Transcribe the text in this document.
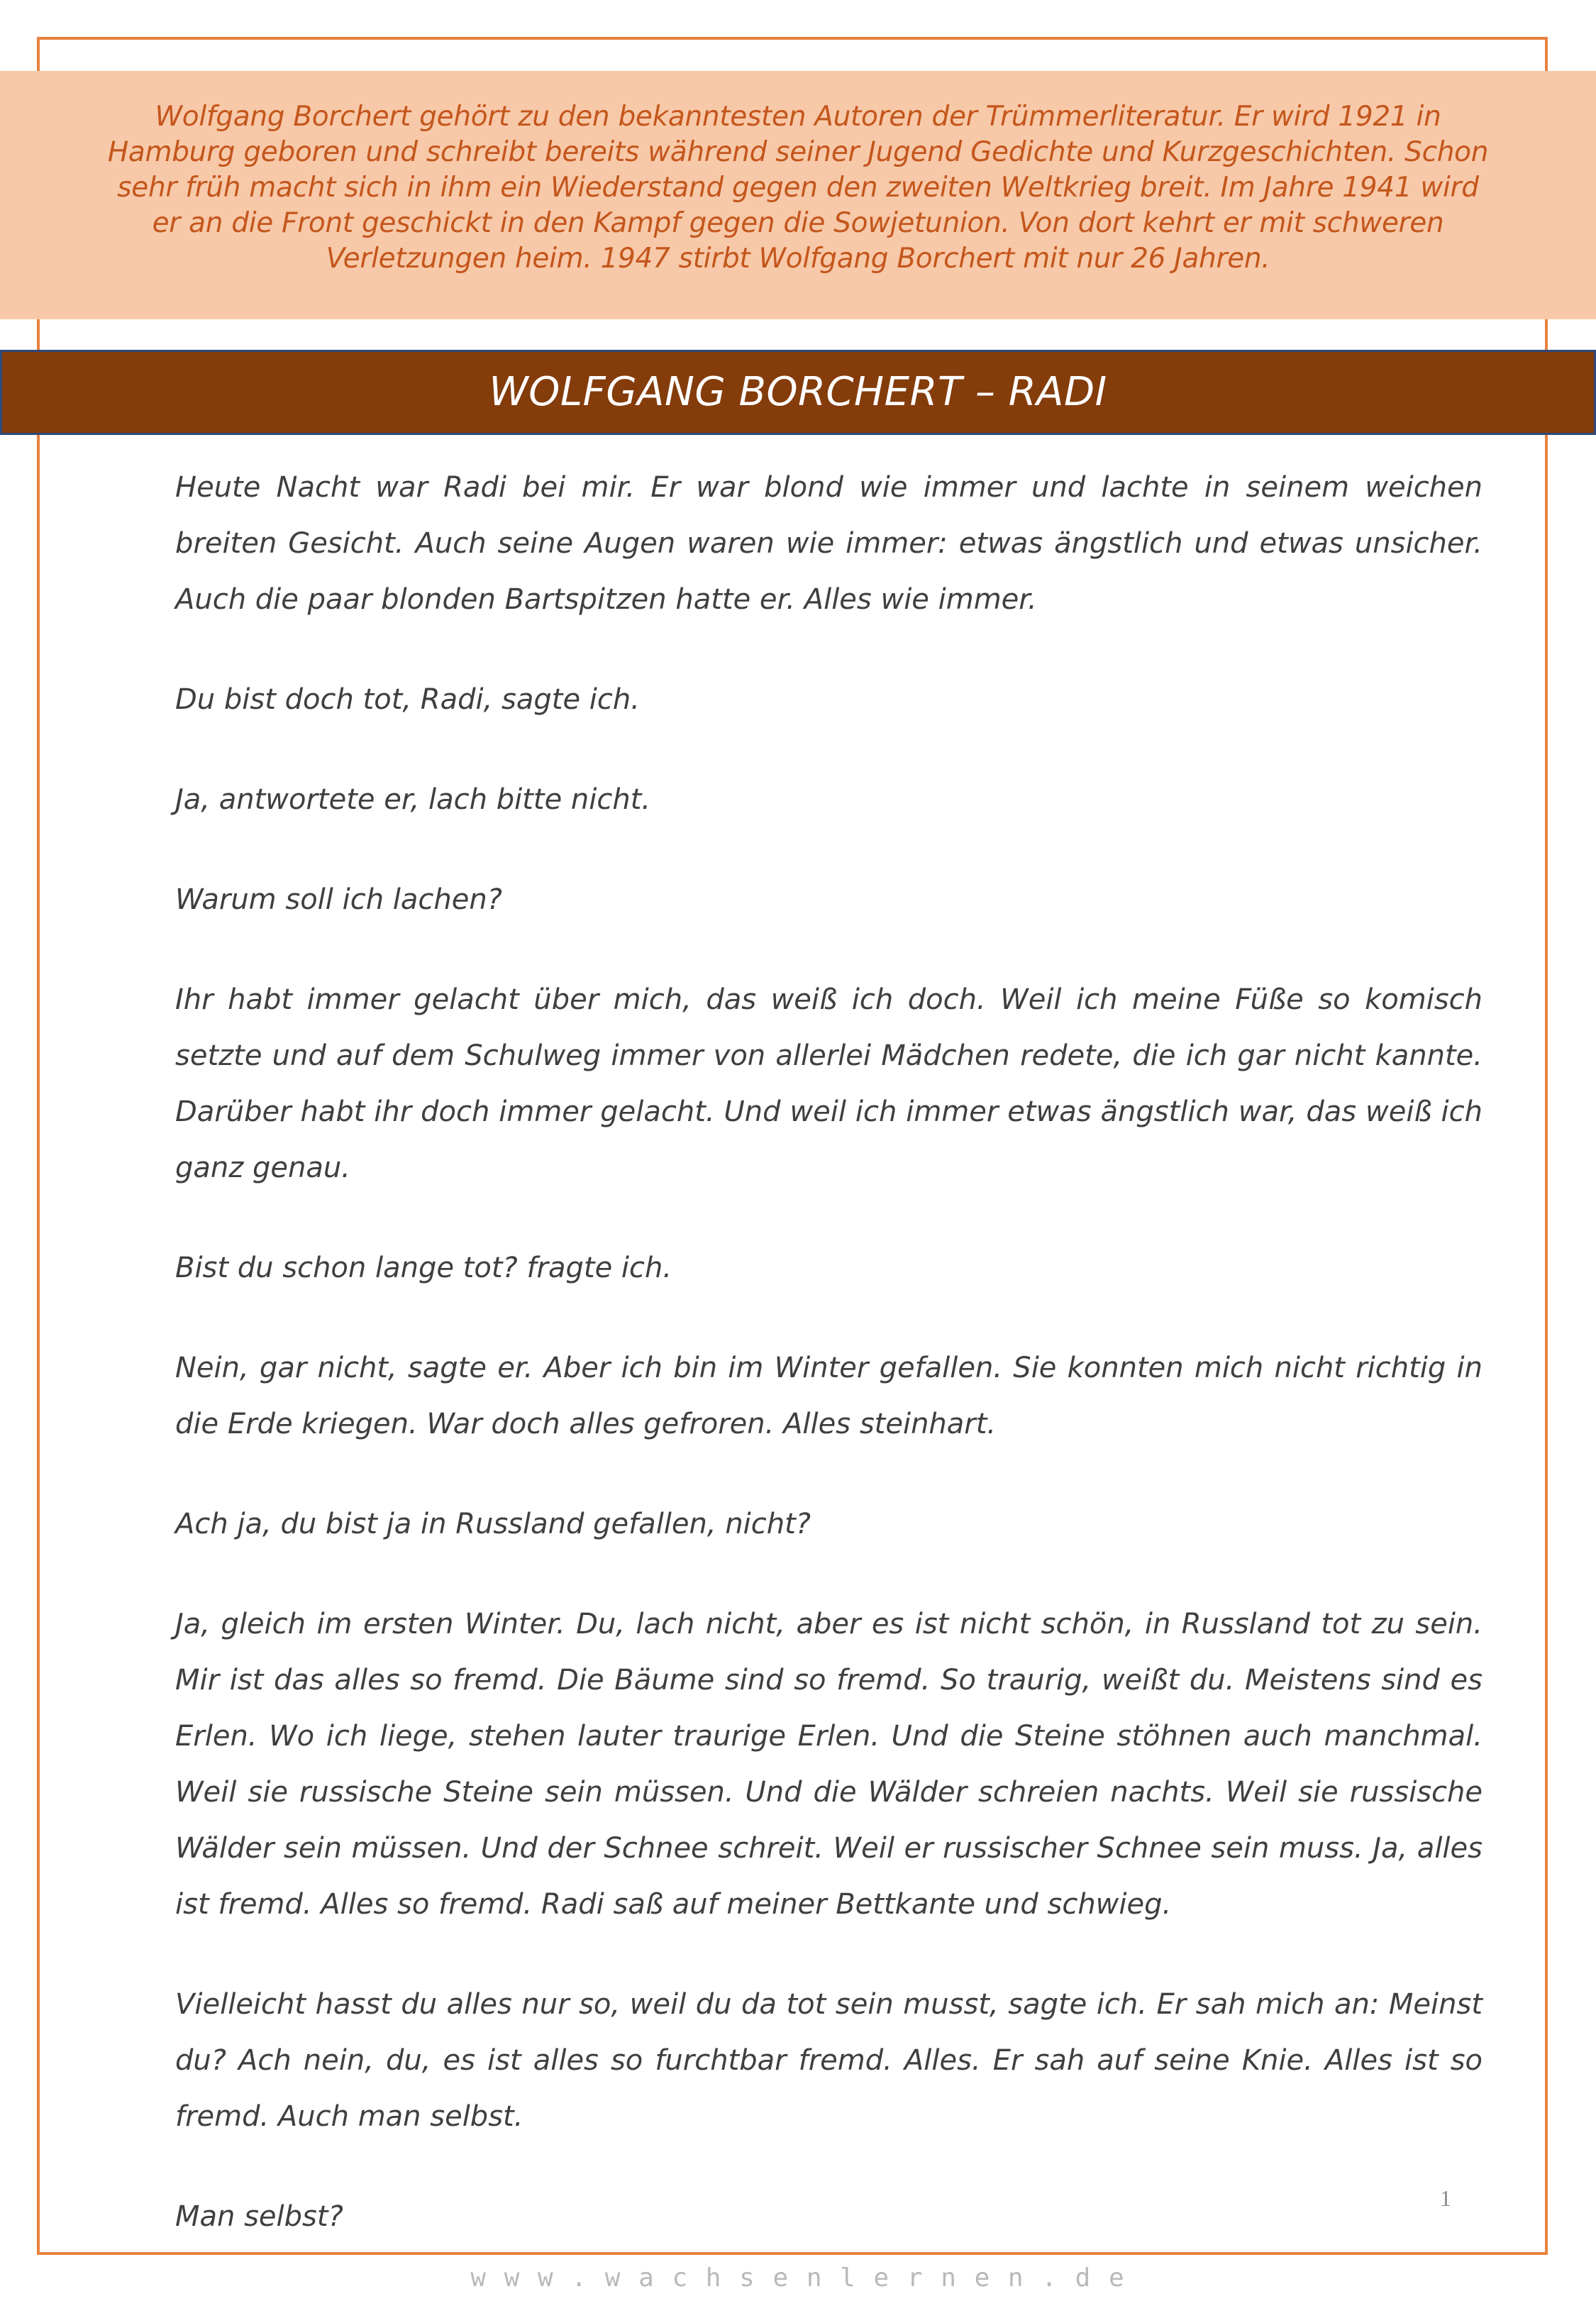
Wolfgang Borchert gehört zu den bekanntesten Autoren der Trümmerliteratur. Er wird 1921 in
Hamburg geboren und schreibt bereits während seiner Jugend Gedichte und Kurzgeschichten. Schon
sehr früh macht sich in ihm ein Wiederstand gegen den zweiten Weltkrieg breit. Im Jahre 1941 wird
er an die Front geschickt in den Kampf gegen die Sowjetunion. Von dort kehrt er mit schweren
Verletzungen heim. 1947 stirbt Wolfgang Borchert mit nur 26 Jahren.
WOLFGANG BORCHERT – RADI

Heute Nacht war Radi bei mir. Er war blond wie immer und lachte in seinem weichen breiten Gesicht. Auch seine Augen waren wie immer: etwas ängstlich und etwas unsicher. Auch die paar blonden Bartspitzen hatte er. Alles wie immer.

Du bist doch tot, Radi, sagte ich.

Ja, antwortete er, lach bitte nicht.

Warum soll ich lachen?

Ihr habt immer gelacht über mich, das weiß ich doch. Weil ich meine Füße so komisch setzte und auf dem Schulweg immer von allerlei Mädchen redete, die ich gar nicht kannte. Darüber habt ihr doch immer gelacht. Und weil ich immer etwas ängstlich war, das weiß ich ganz genau.

Bist du schon lange tot? fragte ich.

Nein, gar nicht, sagte er. Aber ich bin im Winter gefallen. Sie konnten mich nicht richtig in die Erde kriegen. War doch alles gefroren. Alles steinhart.

Ach ja, du bist ja in Russland gefallen, nicht?

Ja, gleich im ersten Winter. Du, lach nicht, aber es ist nicht schön, in Russland tot zu sein. Mir ist das alles so fremd. Die Bäume sind so fremd. So traurig, weißt du. Meistens sind es Erlen. Wo ich liege, stehen lauter traurige Erlen. Und die Steine stöhnen auch manchmal. Weil sie russische Steine sein müssen. Und die Wälder schreien nachts. Weil sie russische Wälder sein müssen. Und der Schnee schreit. Weil er russischer Schnee sein muss. Ja, alles ist fremd. Alles so fremd. Radi saß auf meiner Bettkante und schwieg.

Vielleicht hasst du alles nur so, weil du da tot sein musst, sagte ich. Er sah mich an: Meinst du? Ach nein, du, es ist alles so furchtbar fremd. Alles. Er sah auf seine Knie. Alles ist so fremd. Auch man selbst.

Man selbst?

1
w w w . w a c h s e n l e r n e n . d e
